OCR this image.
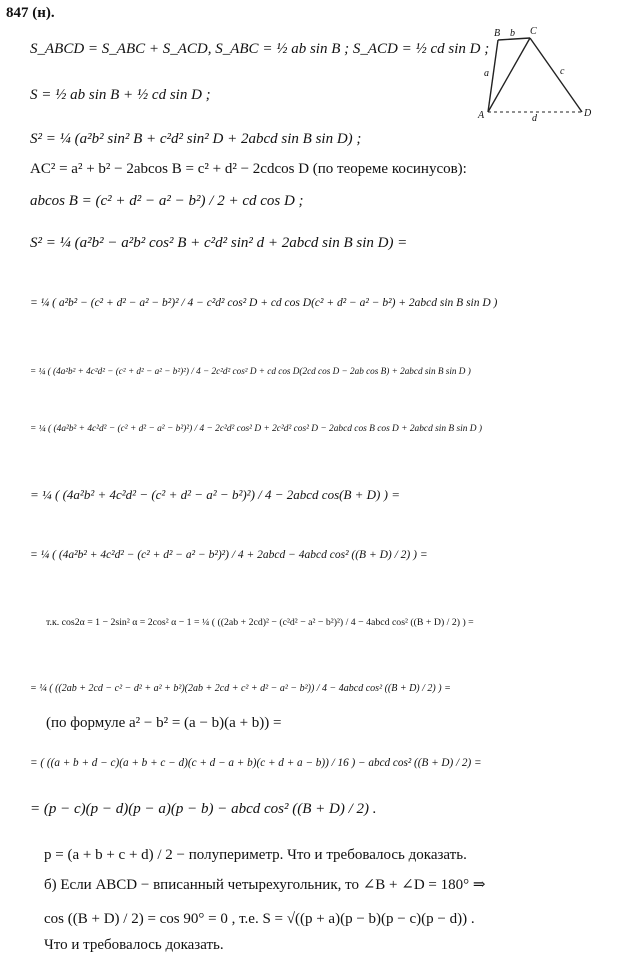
847 (н).
B b C
a
A	d	D
c
S_ABCD = S_ABC + S_ACD, S_ABC = ½ ab sin B ; S_ACD = ½ cd sin D ;
S = ½ ab sin B + ½ cd sin D ;
S² = ¼ (a²b² sin² B + c²d² sin² D + 2abcd sin B sin D) ;
AC² = a² + b² − 2abcos B = c² + d² − 2cdcos D (по теореме косинусов):
abcos B = (c² + d² − a² − b²) / 2 + cd cos D ;
S² = ¼ (a²b² − a²b² cos² B + c²d² sin² d + 2abcd sin B sin D) =
= ¼ ( a²b² − (c² + d² − a² − b²)² / 4 − c²d² cos² D + cd cos D(c² + d² − a² − b²) + 2abcd sin B sin D )
= ¼ ( (4a²b² + 4c²d² − (c² + d² − a² − b²)²) / 4 − 2c²d² cos² D + cd cos D(2cd cos D − 2ab cos B) + 2abcd sin B sin D )
= ¼ ( (4a²b² + 4c²d² − (c² + d² − a² − b²)²) / 4 − 2c²d² cos² D + 2c²d² cos² D − 2abcd cos B cos D + 2abcd sin B sin D )
= ¼ ( (4a²b² + 4c²d² − (c² + d² − a² − b²)²) / 4 − 2abcd cos(B + D) ) =
= ¼ ( (4a²b² + 4c²d² − (c² + d² − a² − b²)²) / 4 + 2abcd − 4abcd cos² ((B + D) / 2) ) =
т.к. cos2α = 1 − 2sin² α = 2cos² α − 1 = ¼ ( ((2ab + 2cd)² − (c²d² − a² − b²)²) / 4 − 4abcd cos² ((B + D) / 2) ) =
= ¼ ( ((2ab + 2cd − c² − d² + a² + b²)(2ab + 2cd + c² + d² − a² − b²)) / 4 − 4abcd cos² ((B + D) / 2) ) =
(по формуле a² − b² = (a − b)(a + b)) =
= ( ((a + b + d − c)(a + b + c − d)(c + d − a + b)(c + d + a − b)) / 16 ) − abcd cos² ((B + D) / 2) =
= (p − c)(p − d)(p − a)(p − b) − abcd cos² ((B + D) / 2) .
p = (a + b + c + d) / 2 − полупериметр. Что и требовалось доказать.
б) Если ABCD − вписанный четырехугольник, то ∠B + ∠D = 180° ⇒
cos ((B + D) / 2) = cos 90° = 0 , т.е. S = √((p + a)(p − b)(p − c)(p − d)) .
Что и требовалось доказать.
